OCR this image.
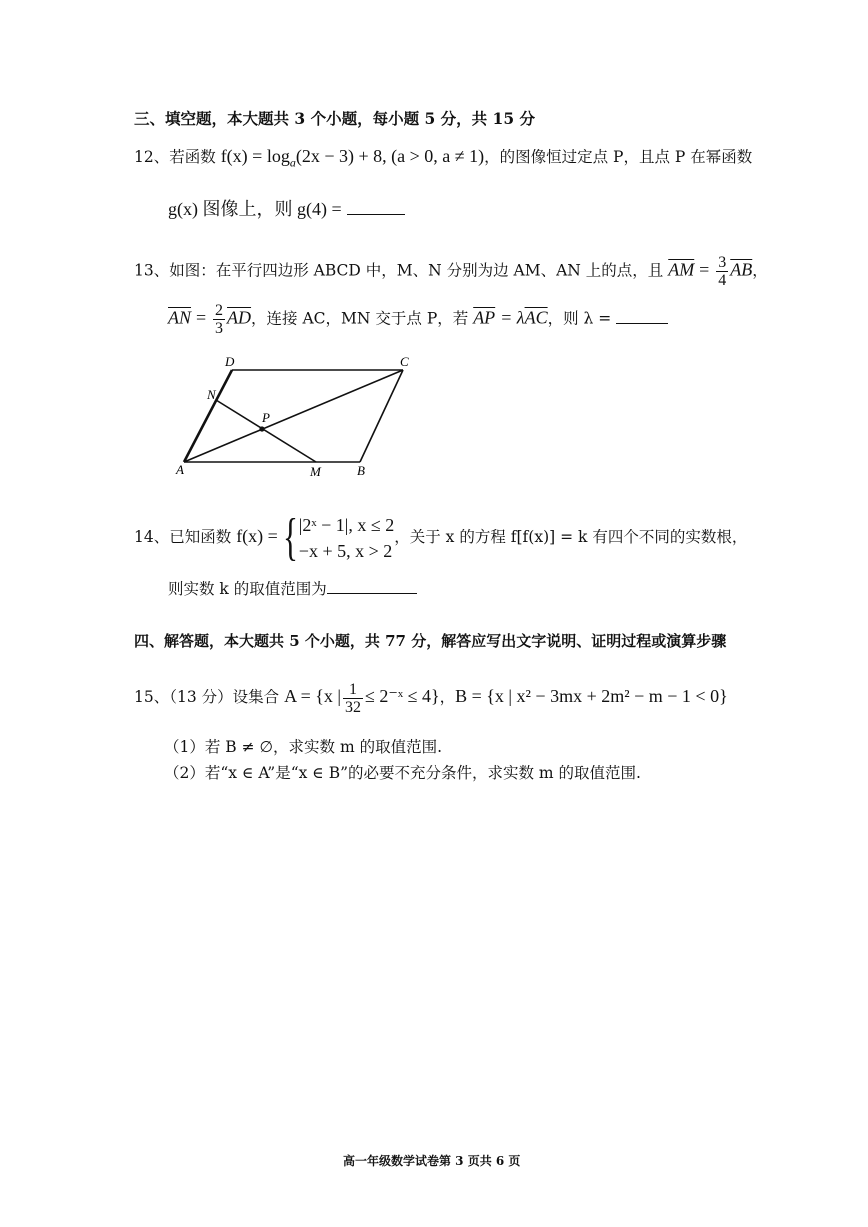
三、填空题，本大题共 3 个小题，每小题 5 分，共 15 分
12、若函数 $f(x) = \log_a(2x - 3) + 8$, (a > 0, a ≠ 1)，的图像恒过定点 P，且点 P 在幂函数
g(x) 图像上，则 g(4) =
13、如图：在平行四边形 ABCD 中，M、N 分别为边 AM、AN 上的点，且 $\overline{AM} = \frac{3}{4} \overline{AB}$，
$\overline{AN} = \frac{2}{3} \overline{AD}$，连接 AC，MN 交于点 P，若 $\overline{AP} = \lambda\overline{AC}$，则 λ =
A	B
C
D
M
N
P
14、已知函数 f(x) ={ |2ˣ − 1|, x ≤ 2
−x + 5, x > 2
，关于 x 的方程 f[f(x)] = k 有四个不同的实数根，
则实数 k 的取值范围为
四、解答题，本大题共 5 个小题，共 77 分，解答应写出文字说明、证明过程或演算步骤
15、（13 分）设集合 A = {x | $\frac{1}{32}$ ≤ 2⁻ˣ ≤ 4}，B = {x | x² − 3mx + 2m² − m − 1 < 0}
（1）若 B ≠ ∅，求实数 m 的取值范围.
（2）若“x ∈ A”是“x ∈ B”的必要不充分条件，求实数 m 的取值范围.
高一年级数学试卷第 3 页共 6 页
